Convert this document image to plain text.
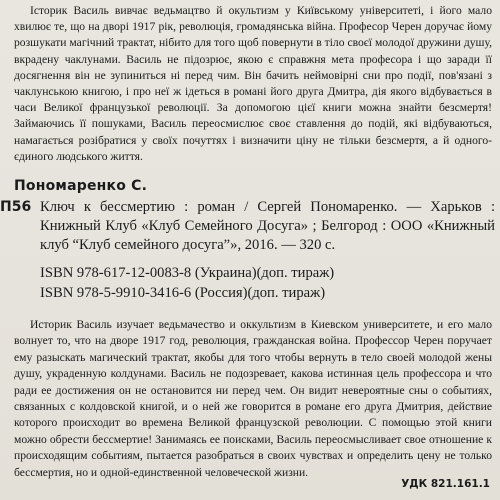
Історик Василь вивчає ведьмацтво й окультизм у Київському університеті, і його мало хвилює те, що на дворі 1917 рік, революція, громадянська війна. Професор Черен доручає йому розшукати магічний трактат, нібито для того щоб повернути в тіло своєї молодої дружини душу, вкрадену чаклунами. Василь не підозрює, якою є справжня мета професора і що заради її досягнення він не зупиниться ні перед чим. Він бачить неймовірні сни про події, пов'язані з чаклунською книгою, і про неї ж ідеться в романі його друга Дмитра, дія якого відбувається в часи Великої французької революції. За допомогою цієї книги можна знайти безсмертя! Займаючись її пошуками, Василь переосмислює своє ставлення до подій, які відбуваються, намагається розібратися у своїх почуттях і визначити ціну не тільки безсмертя, а й одного-єдиного людського життя.

Пономаренко С.

П56 Ключ к бессмертию : роман / Сергей Пономаренко. — Харьков : Книжный Клуб «Клуб Семейного Досуга» ; Белгород : ООО «Книжный клуб “Клуб семейного досуга”», 2016. — 320 с.

ISBN 978-617-12-0083-8 (Украина)(доп. тираж)

ISBN 978-5-9910-3416-6 (Россия)(доп. тираж)

Историк Василь изучает ведьмачество и оккультизм в Киевском университете, и его мало волнует то, что на дворе 1917 год, революция, гражданская война. Профессор Черен поручает ему разыскать магический трактат, якобы для того чтобы вернуть в тело своей молодой жены душу, украденную колдунами. Василь не подозревает, какова истинная цель профессора и что ради ее достижения он не остановится ни перед чем. Он видит невероятные сны о событиях, связанных с колдовской книгой, и о ней же говорится в романе его друга Дмитрия, действие которого происходит во времена Великой французской революции. С помощью этой книги можно обрести бессмертие! Занимаясь ее поисками, Василь переосмысливает свое отношение к происходящим событиям, пытается разобраться в своих чувствах и определить цену не только бессмертия, но и одной-единственной человеческой жизни.

УДК 821.161.1
